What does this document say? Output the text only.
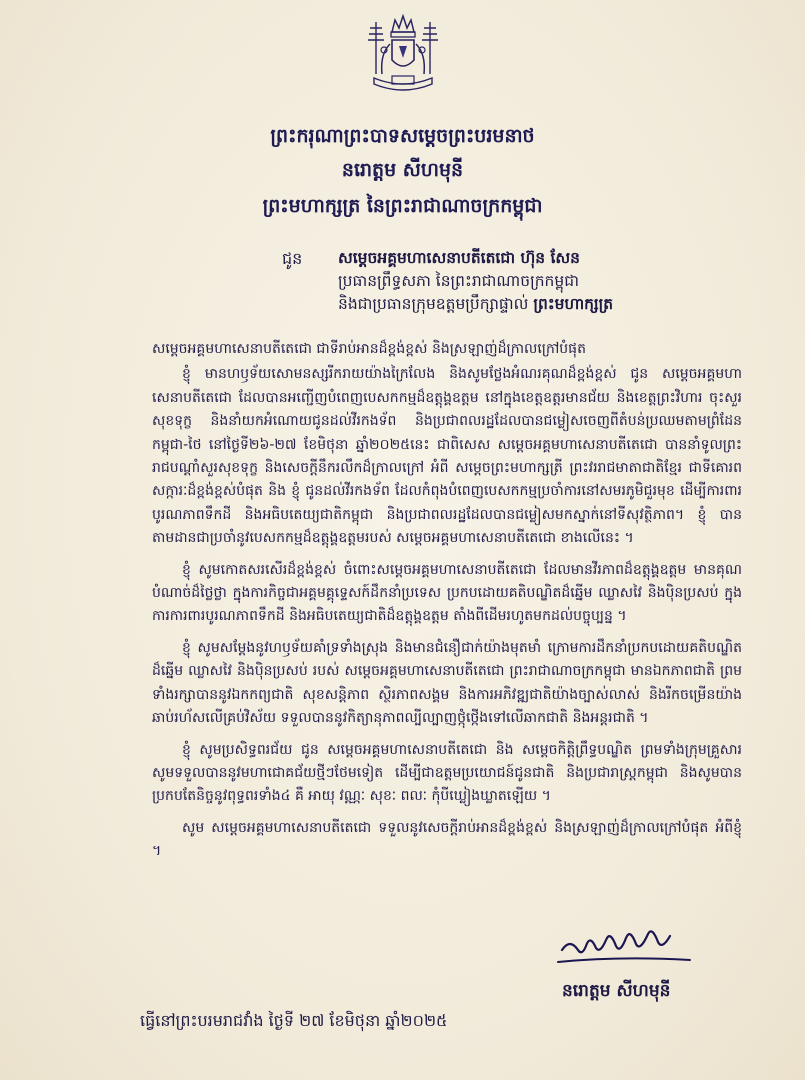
ព្រះករុណាព្រះបាទសម្តេចព្រះបរមនាថ
នរោត្តម សីហមុនី
ព្រះមហាក្សត្រ នៃព្រះរាជាណាចក្រកម្ពុជា
ជូន សម្តេចអគ្គមហាសេនាបតីតេជោ ហ៊ុន សែន
ប្រធានព្រឹទ្ធសភា នៃព្រះរាជាណាចក្រកម្ពុជា
និងជាប្រធានក្រុមឧត្តមប្រឹក្សាផ្ទាល់ ព្រះមហាក្សត្រ

សម្តេចអគ្គមហាសេនាបតីតេជោ ជាទីរាប់អានដ៏ខ្ពង់ខ្ពស់ និងស្រឡាញ់ដ៏ក្រាលក្រៅបំផុត

ខ្ញុំ មានហឫទ័យសោមនស្សរីករាយយ៉ាងក្រៃលែង និងសូមថ្លែងអំណរគុណដ៏ខ្ពង់ខ្ពស់ ជូន សម្តេចអគ្គមហាសេនាបតីតេជោ ដែលបានអញ្ជើញបំពេញបេសកកម្មដ៏ឧត្តុង្គឧត្តម នៅក្នុងខេត្តឧត្តរមានជ័យ និងខេត្តព្រះវិហារ ចុះសួរសុខទុក្ខ និងនាំយកអំណោយជូនដល់វីរកងទ័ព និងប្រជាពលរដ្ឋដែលបានជម្លៀសចេញពីតំបន់ប្រឈមតាមព្រំដែនកម្ពុជា-ថៃ នៅថ្ងៃទី២៦-២៧ ខែមិថុនា ឆ្នាំ២០២៥នេះ ជាពិសេស សម្តេចអគ្គមហាសេនាបតីតេជោ បាននាំទូលព្រះរាជបណ្តាំសួរសុខទុក្ខ និងសេចក្តីនឹករលឹកដ៏ក្រាលក្រៅ អំពី សម្តេចព្រះមហាក្សត្រី ព្រះវររាជមាតាជាតិខ្មែរ ជាទីគោរពសក្ការៈដ៏ខ្ពង់ខ្ពស់បំផុត និង ខ្ញុំ ជូនដល់វីរកងទ័ព ដែលកំពុងបំពេញបេសកកម្មប្រចាំការនៅសមរភូមិជួរមុខ ដើម្បីការពារបូរណភាពទឹកដី និងអធិបតេយ្យជាតិកម្ពុជា និងប្រជាពលរដ្ឋដែលបានជម្លៀសមកស្នាក់នៅទីសុវត្ថិភាព។ ខ្ញុំ បានតាមដានជាប្រចាំនូវបេសកកម្មដ៏ឧត្តុង្គឧត្តមរបស់ សម្តេចអគ្គមហាសេនាបតីតេជោ ខាងលើនេះ ។

ខ្ញុំ សូមកោតសរសើរដ៏ខ្ពង់ខ្ពស់ ចំពោះសម្តេចអគ្គមហាសេនាបតីតេជោ ដែលមានវីរភាពដ៏ឧត្តុង្គឧត្តម មានគុណបំណាច់ដ៏ថ្លៃថ្លា ក្នុងការកិច្ចជាអគ្គមគ្គុទ្ទេសក៍ដឹកនាំប្រទេស ប្រកបដោយគតិបណ្ឌិតដ៏ឆ្នើម ឈ្លាសវៃ និងប៉ិនប្រសប់ ក្នុងការការពារបូរណភាពទឹកដី និងអធិបតេយ្យជាតិដ៏ឧត្តុង្គឧត្តម តាំងពីដើមរហូតមកដល់បច្ចុប្បន្ន ។

ខ្ញុំ សូមសម្តែងនូវហឫទ័យគាំទ្រទាំងស្រុង និងមានជំនឿជាក់យ៉ាងមុតមាំ ក្រោមការដឹកនាំប្រកបដោយគតិបណ្ឌិតដ៏ឆ្នើម ឈ្លាសវៃ និងប៉ិនប្រសប់ របស់ សម្តេចអគ្គមហាសេនាបតីតេជោ ព្រះរាជាណាចក្រកម្ពុជា មានឯកភាពជាតិ ព្រមទាំងរក្សាបាននូវឯកកព្យជាតិ សុខសន្តិភាព ស្ថិរភាពសង្គម និងការអភិវឌ្ឍជាតិយ៉ាងច្បាស់លាស់ និងរីកចម្រើនយ៉ាងឆាប់រហ័សលើគ្រប់វិស័យ ទទួលបាននូវកិត្យានុភាពល្បីល្បាញថ្កុំថ្កើងទៅលើឆាកជាតិ និងអន្តរជាតិ ។

ខ្ញុំ សូមប្រសិទ្ធពរជ័យ ជូន សម្តេចអគ្គមហាសេនាបតីតេជោ និង សម្តេចកិត្តិព្រឹទ្ធបណ្ឌិត ព្រមទាំងក្រុមគ្រួសារ សូមទទួលបាននូវមហាជោគជ័យថ្មីៗថែមទៀត ដើម្បីជាឧត្តមប្រយោជន៍ជូនជាតិ និងប្រជារាស្ត្រកម្ពុជា និងសូមបានប្រកបតែនិច្ចនូវពុទ្ធពរទាំង៤ គឺ អាយុ វណ្ណៈ សុខៈ ពលៈ កុំបីឃ្លៀងឃ្លាតឡើយ ។

សូម សម្តេចអគ្គមហាសេនាបតីតេជោ ទទួលនូវសេចក្តីរាប់អានដ៏ខ្ពង់ខ្ពស់ និងស្រឡាញ់ដ៏ក្រាលក្រៅបំផុត អំពីខ្ញុំ ។

នរោត្តម សីហមុនី
ធ្វើនៅព្រះបរមរាជវាំង ថ្ងៃទី ២៧ ខែមិថុនា ឆ្នាំ២០២៥
